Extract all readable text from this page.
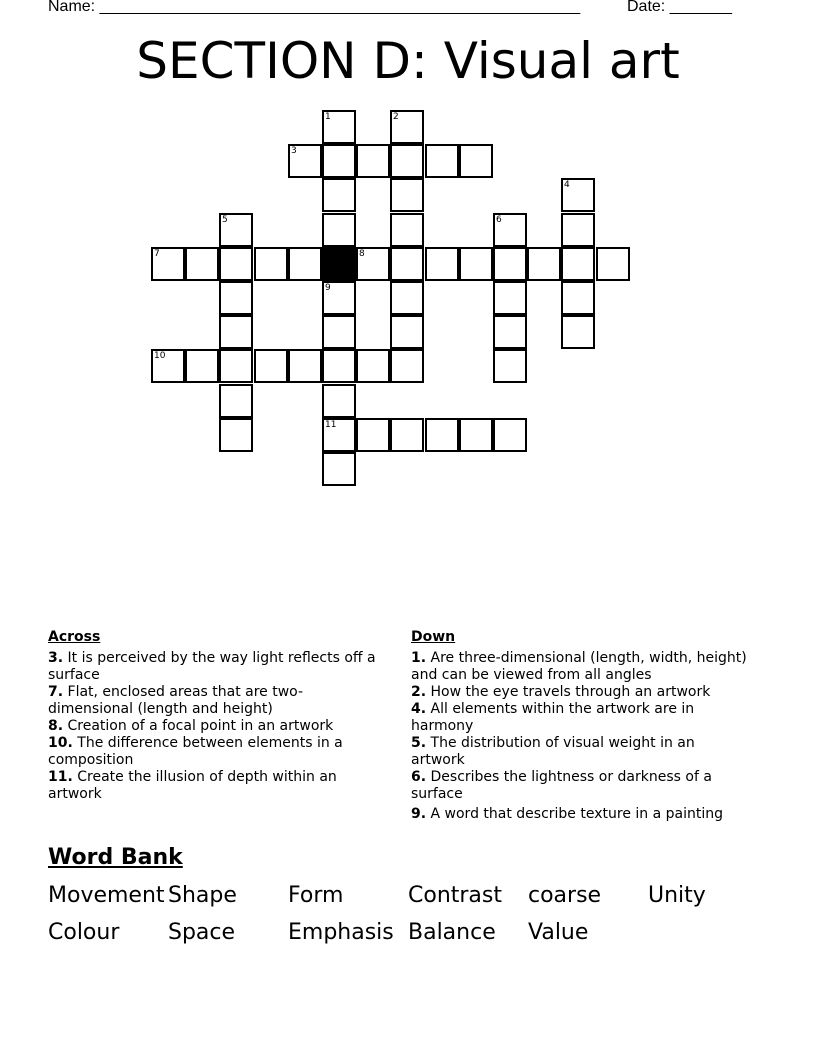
Name: ______________________________________________________	Date: _______
SECTION D: Visual art
3
7	8
10
11
1	2
4
5	6
9
Across
3. It is perceived by the way light reflects off a surface
7. Flat, enclosed areas that are two-dimensional (length and height)
8. Creation of a focal point in an artwork
10. The difference between elements in a composition
11. Create the illusion of depth within an artwork
Down
1. Are three-dimensional (length, width, height) and can be viewed from all angles
2. How the eye travels through an artwork
4. All elements within the artwork are in harmony
5. The distribution of visual weight in an artwork
6. Describes the lightness or darkness of a surface
9. A word that describe texture in a painting
Word Bank
Movement Shape Form	Contrast coarse Unity
Colour Space Emphasis Balance Value
